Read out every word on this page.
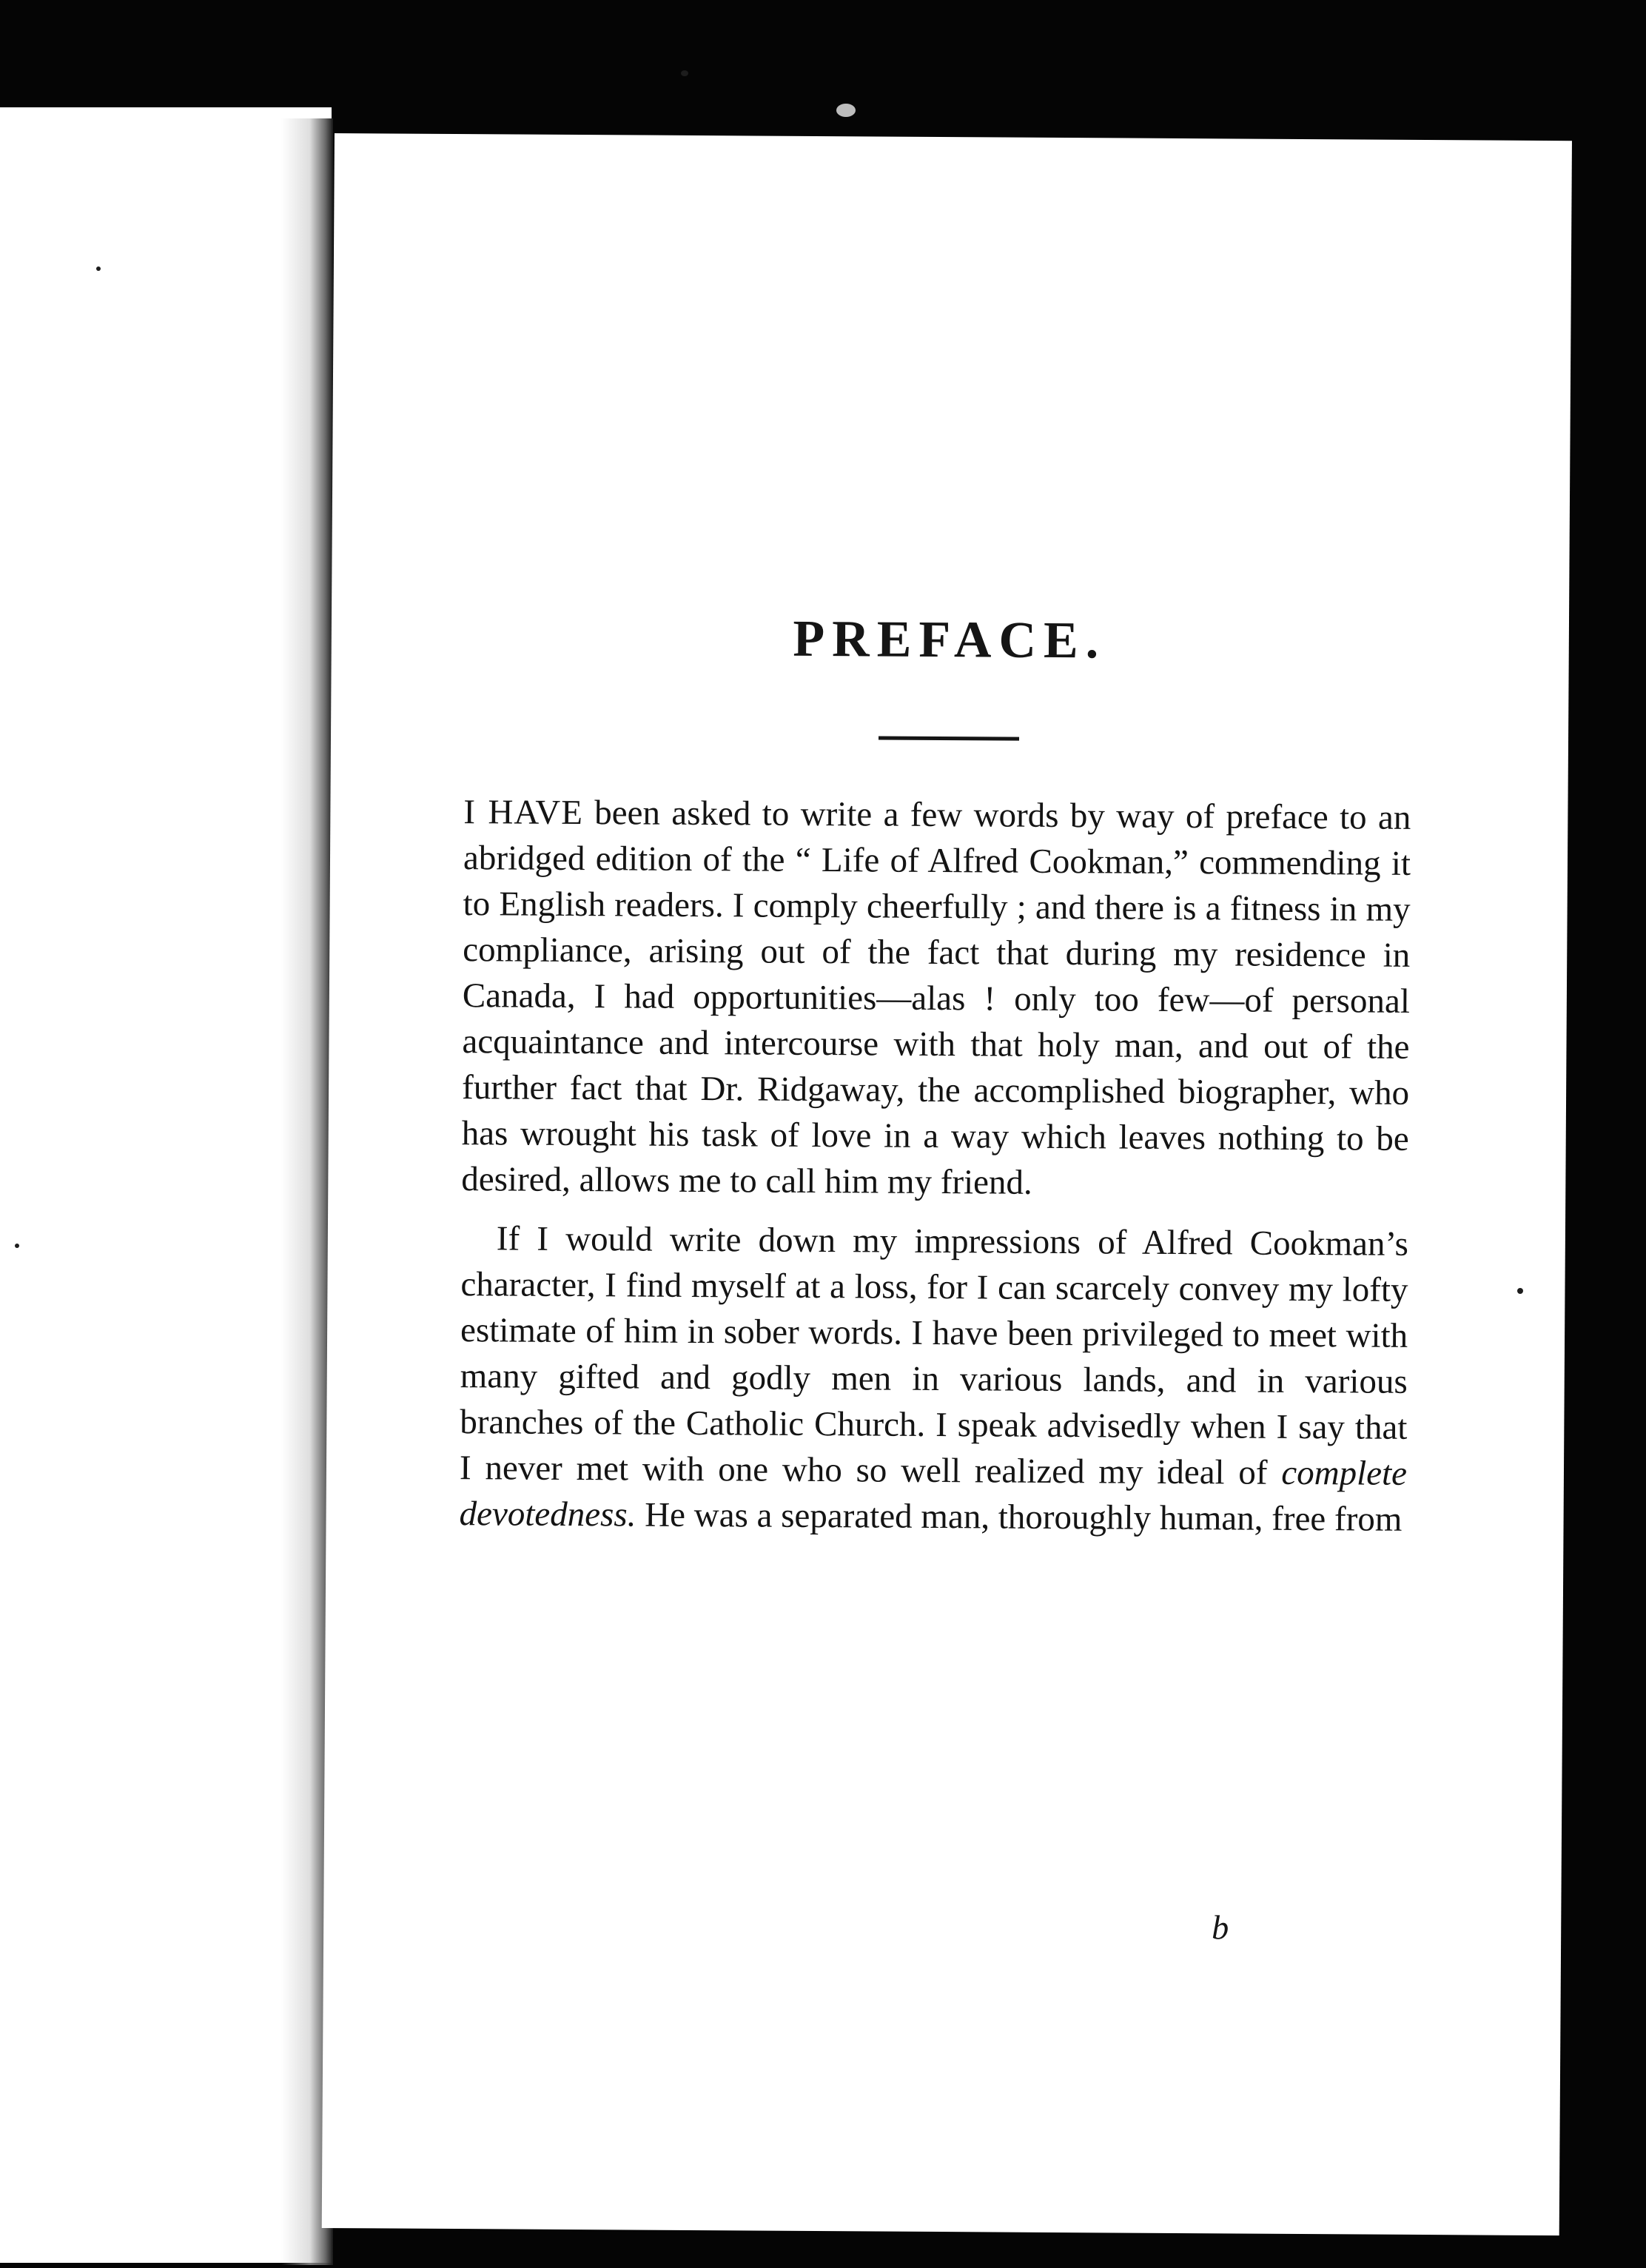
PREFACE.

I HAVE been asked to write a few words by way of preface to an abridged edition of the “ Life of Alfred Cookman,” commending it to English readers. I comply cheerfully ; and there is a fitness in my compliance, arising out of the fact that during my residence in Canada, I had opportunities—alas ! only too few—of personal acquaintance and intercourse with that holy man, and out of the further fact that Dr. Ridgaway, the accomplished biographer, who has wrought his task of love in a way which leaves nothing to be desired, allows me to call him my friend.

If I would write down my impressions of Alfred Cookman’s character, I find myself at a loss, for I can scarcely convey my lofty estimate of him in sober words. I have been privileged to meet with many gifted and godly men in various lands, and in various branches of the Catholic Church. I speak advisedly when I say that I never met with one who so well realized my ideal of complete devotedness. He was a separated man, thoroughly human, free from

b
